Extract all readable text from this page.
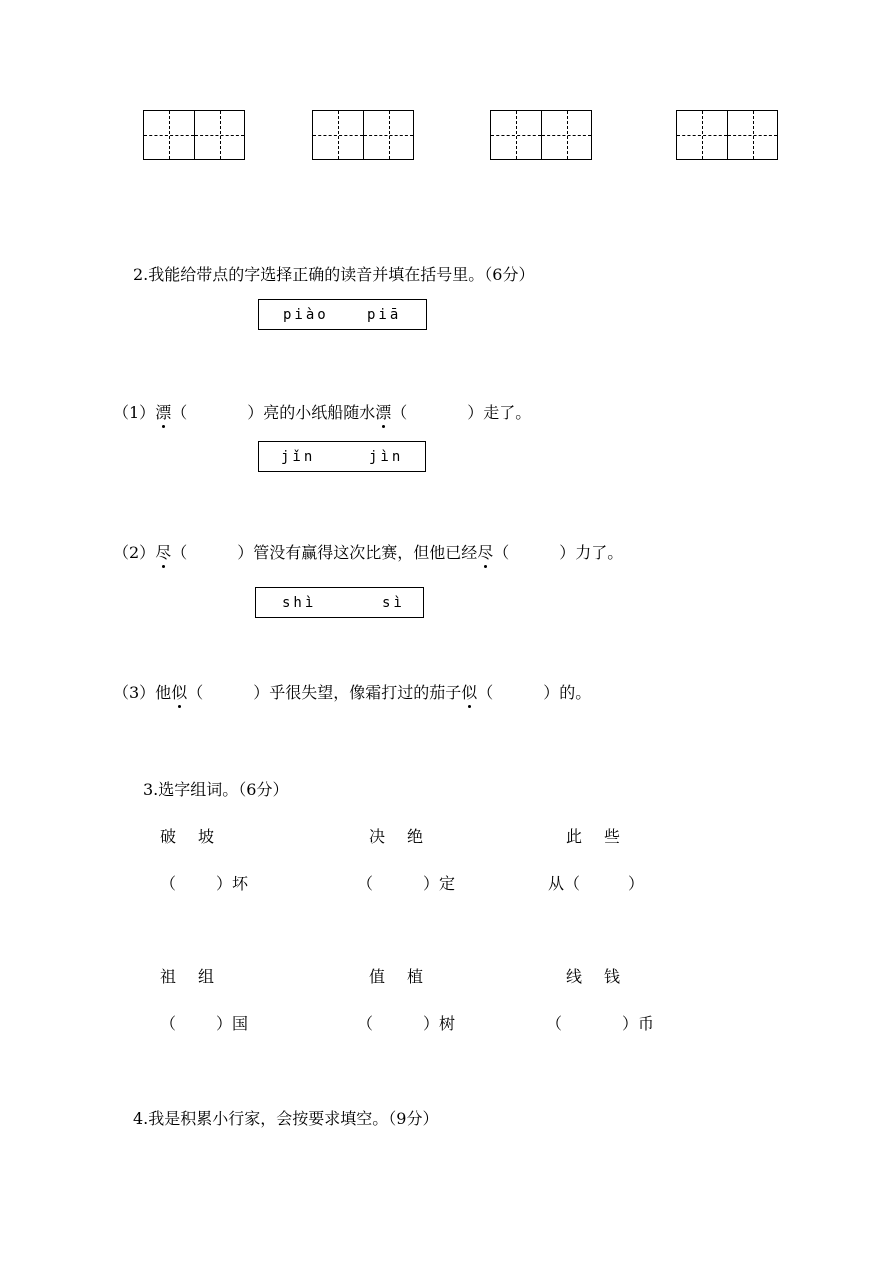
2.我能给带点的字选择正确的读音并填在括号里。（6分）
piào	piā
（1）漂（	）亮的小纸船随水漂（	）走了。
jǐn	jìn
（2）尽（	）管没有赢得这次比赛，但他已经尽（	）力了。
shì	sì
（3）他似（	）乎很失望，像霜打过的茄子似（	）的。
3.选字组词。（6分）
破　坡	决　绝	此　些
（	）坏	（	）定	从（	）
祖　组	值　植	线　钱
（	）国	（	）树	（	）币
4.我是积累小行家，会按要求填空。（9分）
